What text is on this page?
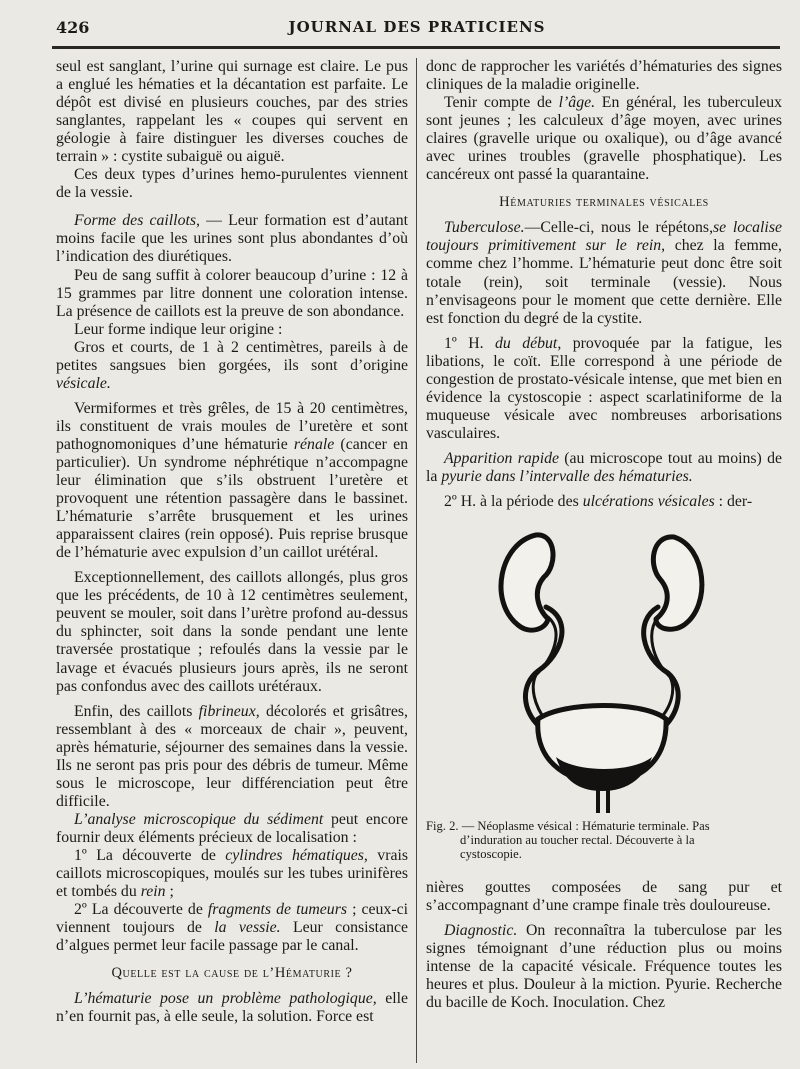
426	JOURNAL DES PRATICIENS

seul est sanglant, l’urine qui surnage est claire. Le pus a englué les hématies et la décantation est parfaite. Le dépôt est divisé en plusieurs couches, par des stries sanglantes, rappelant les « coupes qui servent en géologie à faire distinguer les diverses couches de terrain » : cystite subaiguë ou aiguë.

Ces deux types d’urines hemo-purulentes viennent de la vessie.

Forme des caillots, — Leur formation est d’autant moins facile que les urines sont plus abondantes d’où l’indication des diurétiques.

Peu de sang suffit à colorer beaucoup d’urine : 12 à 15 grammes par litre donnent une coloration intense. La présence de caillots est la preuve de son abondance.

Leur forme indique leur origine :

Gros et courts, de 1 à 2 centimètres, pareils à de petites sangsues bien gorgées, ils sont d’origine vésicale.

Vermiformes et très grêles, de 15 à 20 centimètres, ils constituent de vrais moules de l’uretère et sont pathognomoniques d’une hématurie rénale (cancer en particulier). Un syndrome néphrétique n’accompagne leur élimination que s’ils obstruent l’uretère et provoquent une rétention passagère dans le bassinet. L’hématurie s’arrête brusquement et les urines apparaissent claires (rein opposé). Puis reprise brusque de l’hématurie avec expulsion d’un caillot urétéral.

Exceptionnellement, des caillots allongés, plus gros que les précédents, de 10 à 12 centimètres seulement, peuvent se mouler, soit dans l’urètre profond au-dessus du sphincter, soit dans la sonde pendant une lente traversée prostatique ; refoulés dans la vessie par le lavage et évacués plusieurs jours après, ils ne seront pas confondus avec des caillots urétéraux.

Enfin, des caillots fibrineux, décolorés et grisâtres, ressemblant à des « morceaux de chair », peuvent, après hématurie, séjourner des semaines dans la vessie. Ils ne seront pas pris pour des débris de tumeur. Même sous le microscope, leur différenciation peut être difficile.

L’analyse microscopique du sédiment peut encore fournir deux éléments précieux de localisation :

1º La découverte de cylindres hématiques, vrais caillots microscopiques, moulés sur les tubes urinifères et tombés du rein ;

2º La découverte de fragments de tumeurs ; ceux-ci viennent toujours de la vessie. Leur consistance d’algues permet leur facile passage par le canal.

Quelle est la cause de l’Hématurie ?

L’hématurie pose un problème pathologique, elle n’en fournit pas, à elle seule, la solution. Force est

donc de rapprocher les variétés d’hématuries des signes cliniques de la maladie originelle.

Tenir compte de l’âge. En général, les tuberculeux sont jeunes ; les calculeux d’âge moyen, avec urines claires (gravelle urique ou oxalique), ou d’âge avancé avec urines troubles (gravelle phosphatique). Les cancéreux ont passé la quarantaine.

Hématuries terminales vésicales

Tuberculose.—Celle-ci, nous le répétons,se localise toujours primitivement sur le rein, chez la femme, comme chez l’homme. L’hématurie peut donc être soit totale (rein), soit terminale (vessie). Nous n’envisageons pour le moment que cette dernière. Elle est fonction du degré de la cystite.

1º H. du début, provoquée par la fatigue, les libations, le coït. Elle correspond à une période de congestion de prostato-vésicale intense, que met bien en évidence la cystoscopie : aspect scarlatiniforme de la muqueuse vésicale avec nombreuses arborisations vasculaires.

Apparition rapide (au microscope tout au moins) de la pyurie dans l’intervalle des hématuries.

2º H. à la période des ulcérations vésicales : der-

Fig. 2. — Néoplasme vésical : Hématurie terminale. Pas
d’induration au toucher rectal. Découverte à la
cystoscopie.

nières gouttes composées de sang pur et s’accompagnant d’une crampe finale très douloureuse.

Diagnostic. On reconnaîtra la tuberculose par les signes témoignant d’une réduction plus ou moins intense de la capacité vésicale. Fréquence toutes les heures et plus. Douleur à la miction. Pyurie. Recherche du bacille de Koch. Inoculation. Chez
